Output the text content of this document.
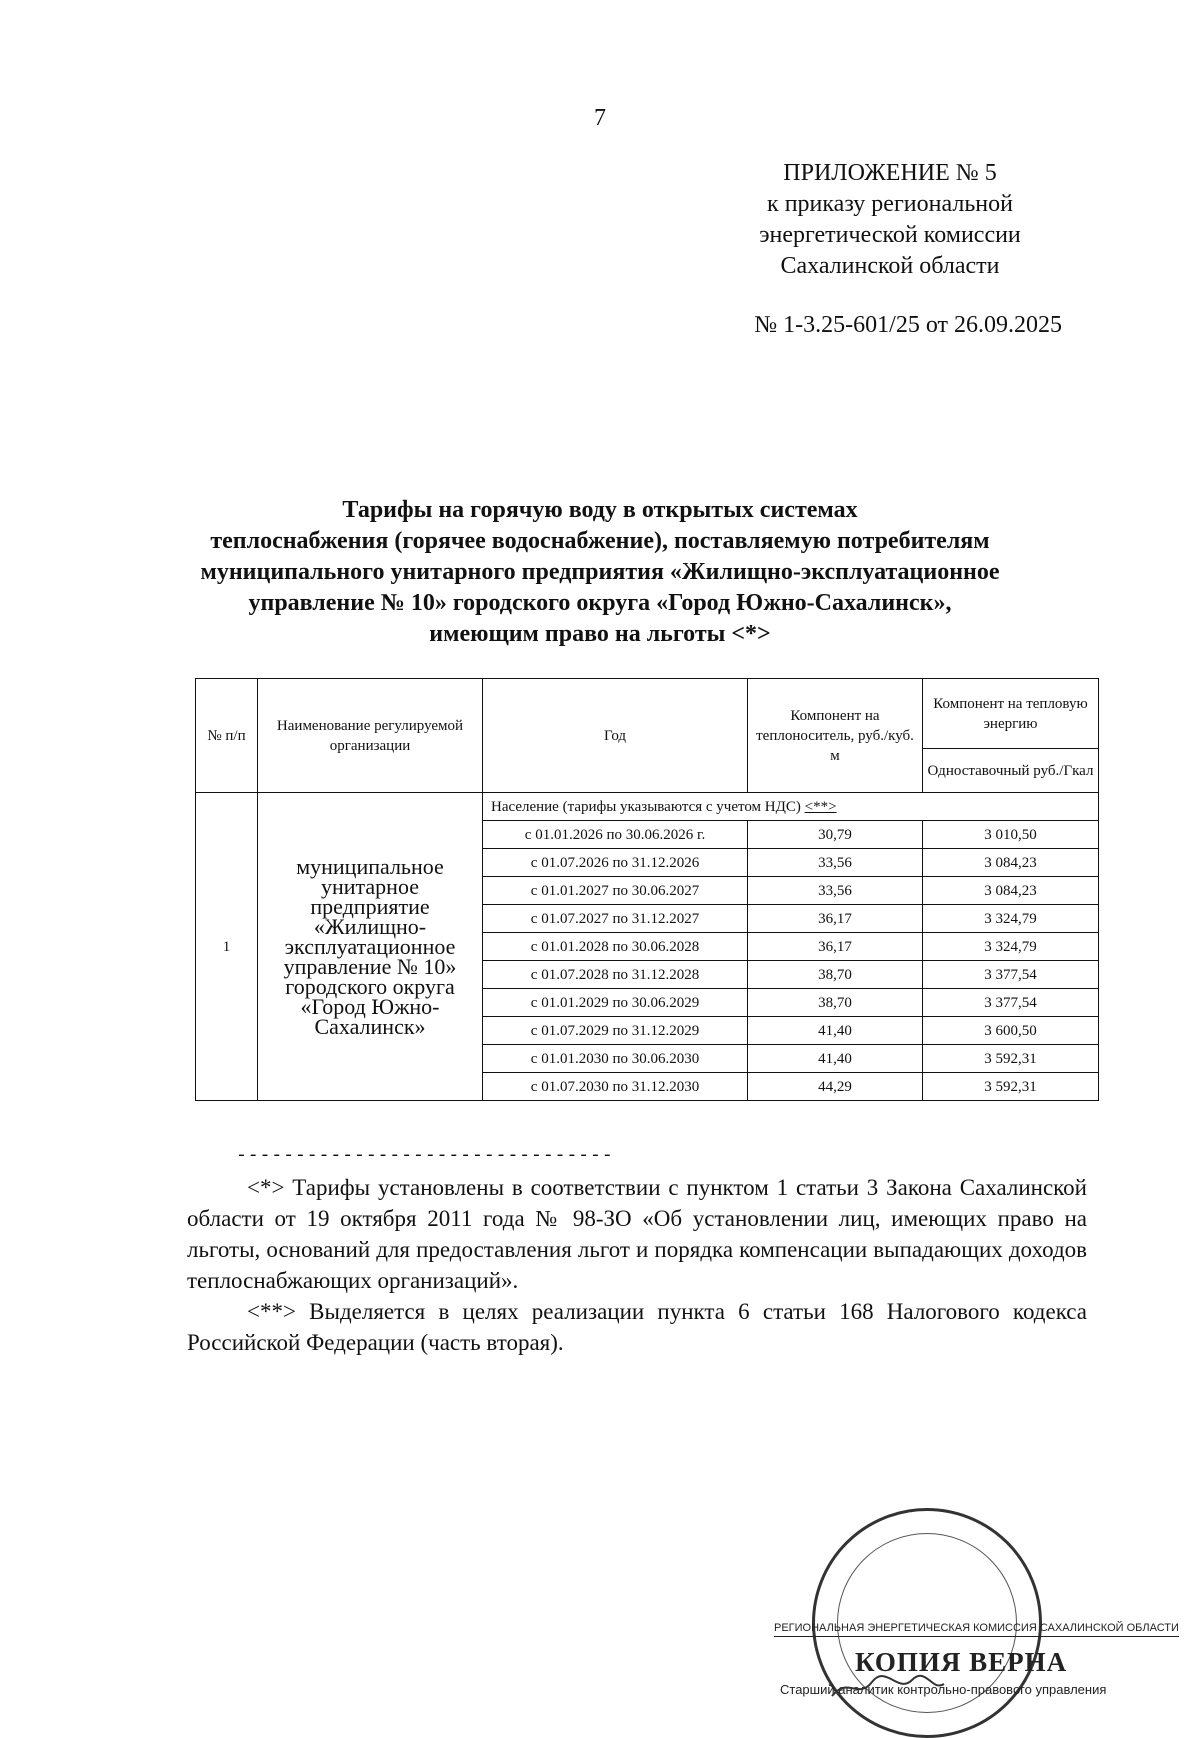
7
ПРИЛОЖЕНИЕ № 5
к приказу региональной
энергетической комиссии
Сахалинской области
№ 1-3.25-601/25 от 26.09.2025
Тарифы на горячую воду в открытых системах
теплоснабжения (горячее водоснабжение), поставляемую потребителям
муниципального унитарного предприятия «Жилищно-эксплуатационное
управление № 10» городского округа «Город Южно-Сахалинск»,
имеющим право на льготы <*>
№ п/п	Наименование регулируемой организации	Год	Компонент на теплоноситель, руб./куб. м	Компонент на тепловую энергию
				Одноставочный руб./Гкал
1	муниципальное унитарное предприятие «Жилищно-эксплуатационное управление № 10» городского округа «Город Южно-Сахалинск»	Население (тарифы указываются с учетом НДС) <**>		
		с 01.01.2026 по 30.06.2026 г.	30,79	3 010,50
		с 01.07.2026 по 31.12.2026	33,56	3 084,23
		с 01.01.2027 по 30.06.2027	33,56	3 084,23
		с 01.07.2027 по 31.12.2027	36,17	3 324,79
		с 01.01.2028 по 30.06.2028	36,17	3 324,79
		с 01.07.2028 по 31.12.2028	38,70	3 377,54
		с 01.01.2029 по 30.06.2029	38,70	3 377,54
		с 01.07.2029 по 31.12.2029	41,40	3 600,50
		с 01.01.2030 по 30.06.2030	41,40	3 592,31
		с 01.07.2030 по 31.12.2030	44,29	3 592,31
--------------------------------
<*> Тарифы установлены в соответствии с пунктом 1 статьи 3 Закона Сахалинской области от 19 октября 2011 года № 98-ЗО «Об установлении лиц, имеющих право на льготы, оснований для предоставления льгот и порядка компенсации выпадающих доходов теплоснабжающих организаций».
<**> Выделяется в целях реализации пункта 6 статьи 168 Налогового кодекса Российской Федерации (часть вторая).
РЕГИОНАЛЬНАЯ ЭНЕРГЕТИЧЕСКАЯ КОМИССИЯ САХАЛИНСКОЙ ОБЛАСТИ
КОПИЯ ВЕРНА
Старший аналитик контрольно-правового управления
